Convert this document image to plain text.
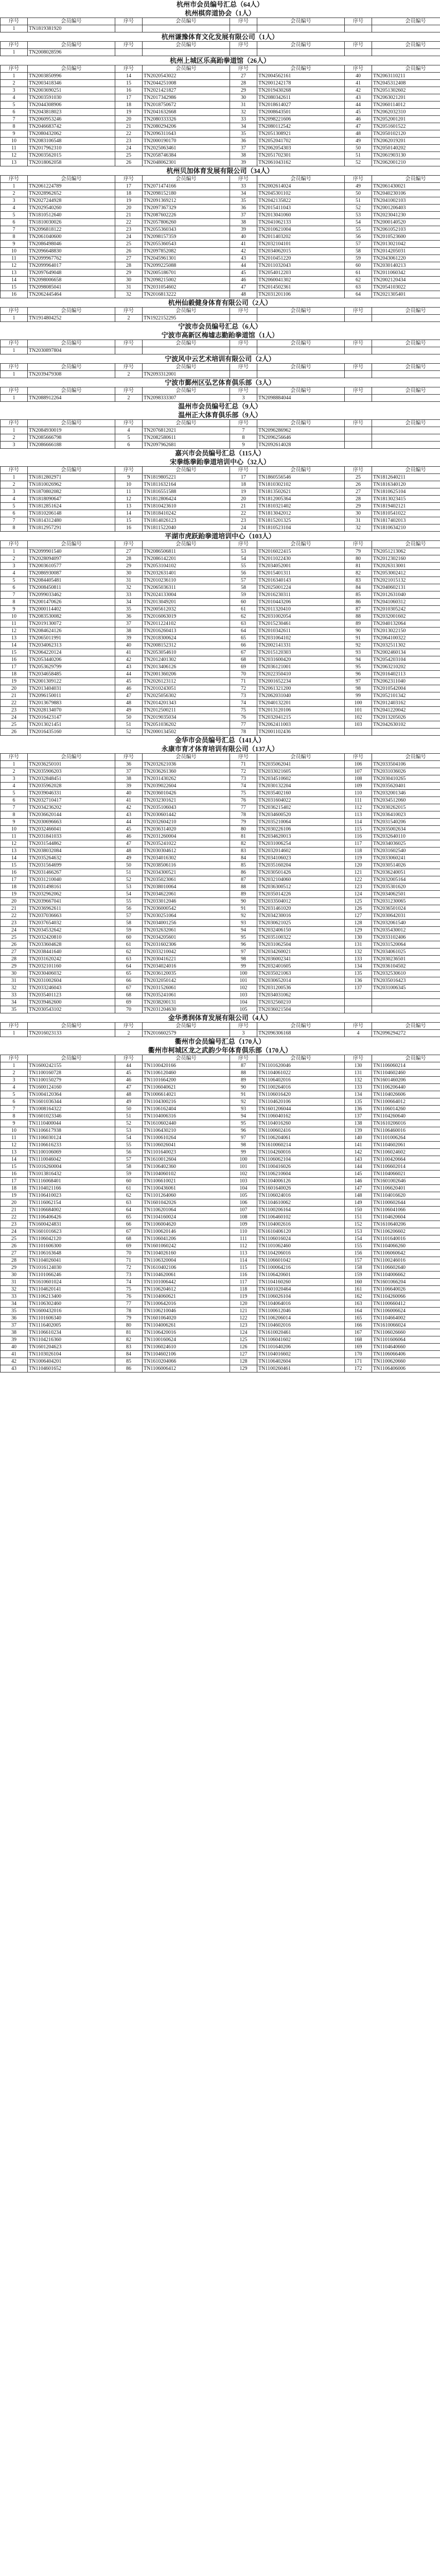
杭州市会员编号汇总（64人）
杭州棋弈道协会（1人）
序号	会员编号	序号	会员编号	序号	会员编号	序号	会员编号
1	TN1819381920						
杭州谦豫体育文化发展有限公司（1人）
序号	会员编号	序号	会员编号	序号	会员编号	序号	会员编号
1	TN2008028596						
杭州上城区乐高跆拳道馆（26人）
序号	会员编号	序号	会员编号	序号	会员编号	序号	会员编号
1	TN2003850996	14	TN2020543022	27	TN2004562161	40	TN2063110211
2	TN2003418346	15	TN2044251008	28	TN2001242178	41	TN2045312408
3	TN2003690251	16	TN2021421827	29	TN2019430268	42	TN2051302602
4	TN2003591030	17	TN2017342986	30	TN2080342611	43	TN2063021201
5	TN2044308906	18	TN2018750672	31	TN2018614027	44	TN2060114012
6	TN2043818023	19	TN2041632668	32	TN2008643501	45	TN2062032310
7	TN2060953246	20	TN2080333326	33	TN2098221606	46	TN2052001201
8	TN2046683742	21	TN2080294206	34	TN2080112542	47	TN2051601522
9	TN2080432062	22	TN2096311643	35	TN2051308921	48	TN2050102120
10	TN2083106548	23	TN2000190170	36	TN2052041702	49	TN2062019201
11	TN2017962310	24	TN2025063461	37	TN2062054303	50	TN2050140202
12	TN2003562015	25	TN2058746384	38	TN2051702301	51	TN2061903130
13	TN2018062058	26	TN2048062301	39	TN2061043162	52	TN2062001210
杭州贝加体育发展有限公司（34人）
序号	会员编号	序号	会员编号	序号	会员编号	序号	会员编号
1	TN2061224789	17	TN2071474166	33	TN2002614024	49	TN2061430021
2	TN2028962652	18	TN2098152180	34	TN2045301102	50	TN2040230106
3	TN2027244928	19	TN2091369212	35	TN2042135822	51	TN2041002103
4	TN2029540260	20	TN2097367329	36	TN2015411043	52	TN2001206403
5	TN1810512640	21	TN2087602226	37	TN2013041060	53	TN2023041230
6	TN1810030026	22	TN2057806260	38	TN2041062133	54	TN2000140520
7	TN2096818122	23	TN2055360343	39	TN2010621004	55	TN2061052103
8	TN2061040600	24	TN2098157359	40	TN2011403202	56	TN2010523600
9	TN2086498046	25	TN2055360543	41	TN2032104101	57	TN2013021042
10	TN2096648830	26	TN2097852082	42	TN2034062015	58	TN2014205031
11	TN2099967762	27	TN2045961301	43	TN2010451220	59	TN2043061220
12	TN2099964017	28	TN2099225088	44	TN2011032043	60	TN2030140213
13	TN2097649048	29	TN2005186701	45	TN2054012203	61	TN2011060342
14	TN2098006658	30	TN2098215002	46	TN2060041302	62	TN2002120434
15	TN2098085041	31	TN2031054602	47	TN2014502361	63	TN2054103022
16	TN2062445464	32	TN2016813222	48	TN2031201106	64	TN2021305401
杭州仙毅健身体育有限公司（2人）
序号	会员编号	序号	会员编号	序号	会员编号	序号	会员编号
1	TN1914804252	2	TN1922152295				
宁波市会员编号汇总（6人）
宁波市高新区梅墟志勤跆拳道馆（1人）
序号	会员编号	序号	会员编号	序号	会员编号	序号	会员编号
1	TN2030897804						
宁波风中云艺术培训有限公司（2人）
序号	会员编号	序号	会员编号	序号	会员编号	序号	会员编号
1	TN2039479308	2	TN2093312001				
宁波市鄞州区弘艺体育俱乐部（3人）
序号	会员编号	序号	会员编号	序号	会员编号	序号	会员编号
1	TN2088912264	2	TN2098333307	3	TN2098884044		
温州市会员编号汇总（9人）
温州正大体育俱乐部（9人）
序号	会员编号	序号	会员编号	序号	会员编号	序号	会员编号
1	TN2084930019	4	TN2076812021	7	TN2096286962		
2	TN2085666798	5	TN2082580611	8	TN2096256646		
3	TN2086666188	6	TN2097962681	9	TN2092614028		
嘉兴市会员编号汇总（115人）
宋拳练拳跆拳道培训中心（32人）
序号	会员编号	序号	会员编号	序号	会员编号	序号	会员编号
1	TN1812802971	9	TN1819805221	17	TN1860556546	25	TN1812640211
2	TN1810026962	10	TN1811632164	18	TN1810302102	26	TN1816340120
3	TN1870802082	11	TN1816551588	19	TN1813502621	27	TN1810625104
4	TN1818090647	12	TN1812806424	20	TN1812005364	28	TN1813023415
5	TN1812851624	13	TN1810423610	21	TN1810321402	29	TN1819402121
6	TN1810206148	14	TN1818410242	22	TN1813042012	30	TN1810541022
7	TN1814312480	15	TN1814026123	23	TN1815201325	31	TN1817402013
8	TN1812957291	16	TN1811522040	24	TN1810523104	32	TN1810634210
平湖市虎跃跆拳道培训中心（103人）
序号	会员编号	序号	会员编号	序号	会员编号	序号	会员编号
1	TN2099901540	27	TN2086506811	53	TN2016022415	79	TN2051213062
2	TN2028094097	28	TN2086142201	54	TN2011022430	80	TN2012302160
3	TN2003610577	29	TN2053104102	55	TN2034052001	81	TN2026313001
4	TN2086930087	30	TN2032631401	56	TN2015401311	82	TN2053002412
5	TN2084405481	31	TN2010236110	57	TN2016340143	83	TN2021015132
6	TN2008450811	32	TN2065036311	58	TN2025001224	84	TN2040602131
7	TN2099033462	33	TN2024133004	59	TN2016230311	85	TN2012631040
8	TN2001470626	34	TN2013049201	60	TN2010443206	86	TN2041060312
9	TN2000114402	35	TN2005612032	61	TN2011320410	87	TN2010305242
10	TN2083530082	36	TN2016063019	62	TN2031002054	88	TN2032001602
11	TN2019130072	37	TN2011224102	63	TN2015230461	89	TN2040132064
12	TN2084624126	38	TN2016260413	64	TN2010342611	90	TN2013022150
13	TN2065011991	39	TN2018300624	65	TN2031064102	91	TN2064100322
14	TN2034062313	40	TN2008152312	66	TN2002141331	92	TN2032511302
15	TN2064220124	41	TN2053054610	67	TN2015120303	93	TN2002460134
16	TN2053440206	42	TN2012401302	68	TN2031600420	94	TN2054203104
17	TN2053629799	43	TN2013406126	69	TN2036121001	95	TN2063210202
18	TN2034658485	44	TN2001360206	70	TN2022350410	96	TN2016402113
19	TN2001309122	45	TN2026123112	71	TN2001652234	97	TN2062311040
20	TN2013404031	46	TN2010243051	72	TN2061321200	98	TN2010542004
21	TN2096150011	47	TN2025056302	73	TN2062031040	99	TN2052101342
22	TN2013679883	48	TN2014201343	74	TN2040132201	100	TN2012403162
23	TN2028134070	49	TN2012500211	75	TN2013120106	101	TN2041220042
24	TN2016423147	50	TN2019035034	76	TN2032041215	102	TN2013205026
25	TN2013021451	51	TN2051036202	77	TN2062411003	103	TN2042630102
26	TN2016435160	52	TN2000134502	78	TN2001102436		
金华市会员编号汇总（141人）
永康市育才体育培训有限公司（137人）
序号	会员编号	序号	会员编号	序号	会员编号	序号	会员编号
1	TN2036250101	36	TN2032621036	71	TN2035062041	106	TN2033504106
2	TN2035906203	37	TN2036261360	72	TN2033021605	107	TN2031036026
3	TN2032848451	38	TN2031430262	73	TN2034510602	108	TN2030410265
4	TN2035962028	39	TN2039022604	74	TN2030132204	109	TN2035620401
5	TN2039046331	40	TN2036010426	75	TN2035402160	110	TN2032001346
6	TN2032710417	41	TN2032301621	76	TN2031604022	111	TN2034512060
7	TN2034236202	42	TN2035106043	77	TN2036215402	112	TN2030262015
8	TN2036620144	43	TN2030601442	78	TN2034600520	113	TN2036410023
9	TN2030696663	44	TN2032604210	79	TN2035210064	114	TN2031540206
10	TN2032466041	45	TN2036314020	80	TN2030226106	115	TN2035002634
11	TN2031841033	46	TN2031260004	81	TN2034620013	116	TN2032640110
12	TN2031544862	47	TN2035241022	82	TN2031006254	117	TN2034036025
13	TN2038032084	48	TN2030304612	83	TN2032014602	118	TN2031602540
14	TN2035264632	49	TN2034016302	84	TN2034106023	119	TN2033060241
15	TN2031564699	50	TN2038506116	85	TN2035160204	120	TN2030514026
16	TN2031466267	51	TN2034300521	86	TN2030501426	121	TN2036240051
17	TN2031210040	52	TN2035023061	87	TN2032104060	122	TN2032005164
18	TN2031498161	53	TN2038010064	88	TN2036300512	123	TN2035301620
19	TN2032962062	54	TN2034622061	89	TN2035014226	124	TN2034062501
20	TN2039667041	55	TN2033012046	90	TN2033504012	125	TN2031230065
21	TN2036962611	56	TN2036000542	91	TN2031461020	126	TN2036501024
22	TN2037036663	57	TN2030251064	92	TN2034230016	127	TN2030642031
23	TN2037654032	58	TN2034001256	93	TN2030621025	128	TN2032061540
24	TN2034532642	59	TN2032632061	94	TN2032406150	129	TN2035430012
25	TN2032420810	60	TN2034205601	95	TN2035100322	130	TN2033102406
26	TN2033604628	61	TN2031602306	96	TN2031062504	131	TN2031520064
27	TN2038441640	62	TN2033210042	97	TN2034260021	132	TN2034061025
28	TN2031620242	63	TN2030416221	98	TN2036002341	133	TN2030236501
29	TN2032101160	64	TN2034024016	99	TN2032401605	134	TN2036104502
30	TN2030406032	65	TN2036120035	100	TN2035021063	135	TN2032530610
31	TN2031002604	66	TN2032050142	101	TN2030652014	136	TN2035016423
32	TN2033246043	67	TN2031526061	102	TN2031200536	137	TN2031006345
33	TN2035401123	68	TN2035241061	103	TN2034031062		
34	TN2039462600	69	TN2038200131	104	TN2032560210		
35	TN2030543102	70	TN2031204630	105	TN2036021504		
金华勇润体育发展有限公司（4人）
序号	会员编号	序号	会员编号	序号	会员编号	序号	会员编号
1	TN2016023133	2	TN2016602579	3	TN2096306168	4	TN2096294272
衢州市会员编号汇总（170人）
衢州市柯城区龙之武韵少年体育俱乐部（170人）
序号	会员编号	序号	会员编号	序号	会员编号	序号	会员编号
1	TN1600242155	44	TN1100420166	87	TN1101620046	130	TN1106060214
2	TN1100160728	45	TN1106120460	88	TN1104061022	131	TN1104602460
3	TN1100150279	46	TN1101664200	89	TN1106402016	132	TN1601460206
4	TN1600124160	47	TN1106040621	90	TN1100264016	133	TN1106206440
5	TN1004120364	48	TN1006614021	91	TN1106016420	134	TN1104026606
6	TN1601036344	49	TN1104300216	92	TN1104620106	135	TN1100664012
7	TN1008164322	50	TN1106162404	93	TN1601206044	136	TN1106014260
8	TN1601023346	51	TN1104006316	94	TN1106040162	137	TN1104260640
9	TN1110400044	52	TN1610602440	95	TN1104016260	138	TN1610206016
10	TN1106617938	53	TN1106430210	96	TN1100602416	139	TN1106460016
11	TN1106030124	54	TN1100610264	97	TN1106204061	140	TN1101006264
12	TN1106616233	55	TN1106026041	98	TN1610060214	141	TN1104602061
13	TN1100106069	56	TN1101640023	99	TN1104260016	142	TN1106024602
14	TN1110046042	57	TN1610012604	100	TN1106062104	143	TN1100420664
15	TN1016260004	58	TN1106402360	101	TN1100416026	144	TN1106602014
16	TN1013816432	59	TN1104060102	102	TN1106210604	145	TN1104066021
17	TN1116068401	60	TN1106610021	103	TN1104006126	146	TN1601002646
18	TN1104021166	61	TN1100436061	104	TN1601640026	147	TN1106620401
19	TN1106410023	62	TN1101264060	105	TN1106024016	148	TN1104016620
20	TN1116062154	63	TN1601042026	106	TN1104610062	149	TN1100602644
21	TN1106684002	64	TN1106201064	107	TN1100206164	150	TN1106041066
22	TN1106406426	65	TN1104160024	108	TN1106460102	151	TN1104620604
23	TN1600424831	66	TN1106004620	109	TN1104002616	152	TN1610640206
24	TN1601016623	67	TN1100620146	110	TN1610406120	153	TN1106206602
25	TN1106042120	68	TN1106041206	111	TN1106016024	154	TN1101640016
26	TN1101606300	69	TN1601060242	112	TN1101062460	155	TN1104066260
27	TN1106163648	70	TN1104026160	113	TN1104206016	156	TN1106060642
28	TN1104026041	71	TN1106320004	114	TN1106601042	157	TN1100246016
29	TN1016124030	72	TN1610402106	115	TN1100064216	158	TN1106602640
30	TN1101066246	73	TN1104620061	116	TN1106420601	159	TN1104006662
31	TN1610601024	74	TN1101006442	117	TN1104160260	160	TN1601066204
32	TN1104620141	75	TN1106204612	118	TN1601020464	161	TN1106640026
33	TN1106213400	76	TN1104060621	119	TN1106026104	162	TN1104260066
34	TN1106302460	77	TN1100642016	120	TN1104064016	163	TN1100660412
35	TN1600432016	78	TN1106210046	121	TN1100612046	164	TN1106006624
36	TN1101606340	79	TN1601064020	122	TN1106206014	165	TN1104664002
37	TN1116402005	80	TN1104006261	123	TN1104602016	166	TN1610066024
38	TN1106610234	81	TN1106420016	124	TN1610020461	167	TN1106026660
39	TN1104216360	82	TN1100160624	125	TN1106041602	168	TN1101606064
40	TN1601204623	83	TN1106024610	126	TN1101640206	169	TN1104640660
41	TN1103026104	84	TN1104602106	127	TN1104016602	170	TN1106066406
42	TN1006404201	85	TN1610204066	128	TN1106402604	171	TN1100620660
43	TN1104601652	86	TN1106006412	129	TN1100260461	172	TN1106406006
